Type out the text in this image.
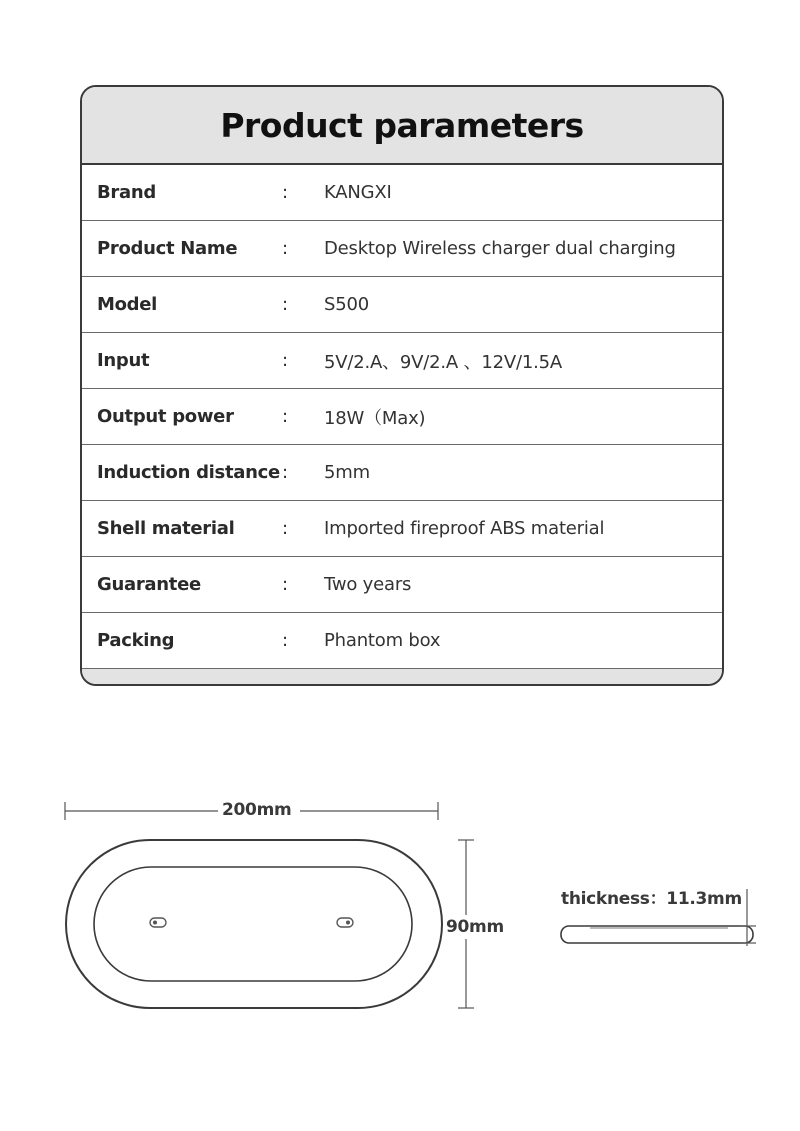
Product parameters
Brand	: KANGXI
Product Name : Desktop Wireless charger dual charging
Model	: S500
Input	: 5V/2.A、9V/2.A 、12V/1.5A
Output power	: 18W（Max)
Induction distance : 5mm
Shell material	: Imported fireproof ABS material
Guarantee	: Two years
Packing	: Phantom box
200mm
90mm
thickness：11.3mm
